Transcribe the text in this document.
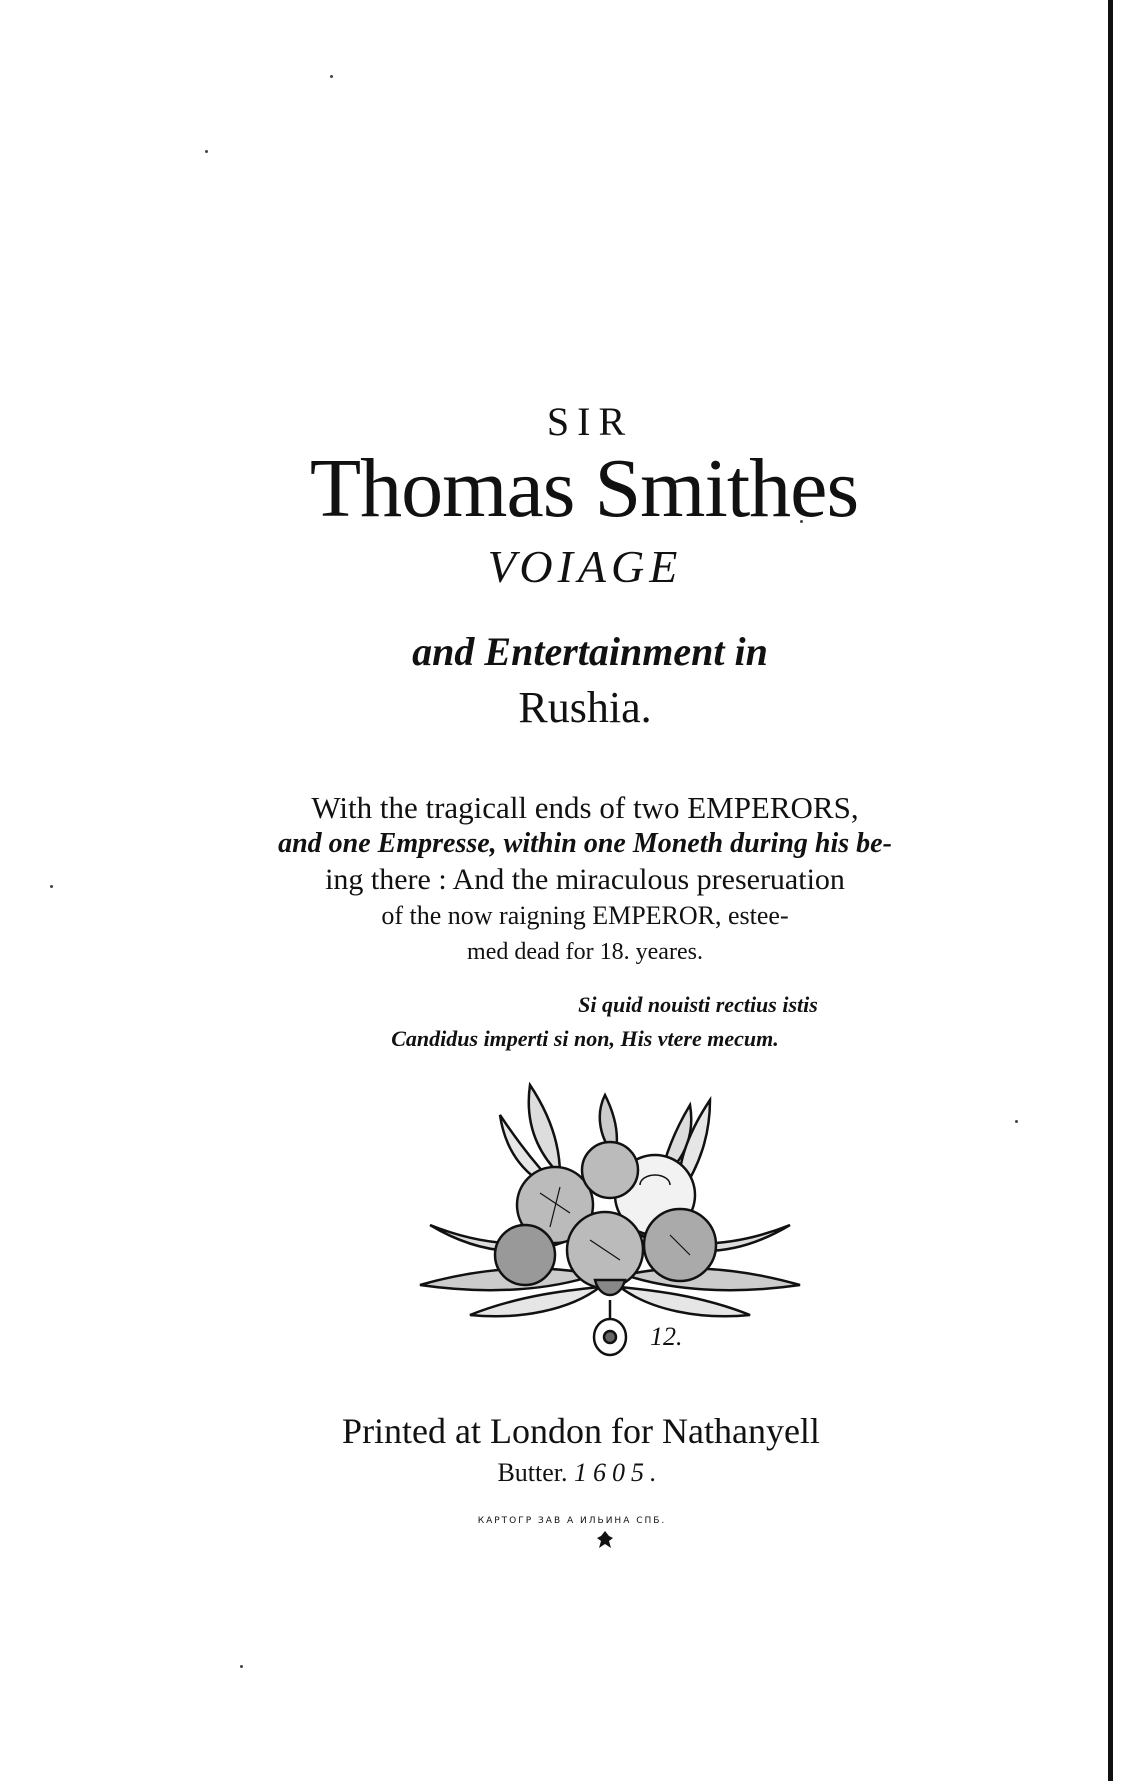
SIR
Thomas Smithes
VOIAGE
and Entertainment in
Rushia.
With the tragicall ends of two EMPERORS,
and one Empresse, within one Moneth during his be-
ing there : And the miraculous preseruation
of the now raigning EMPEROR, estee-
med dead for 18. yeares.
Si quid nouisti rectius istis
Candidus imperti si non, His vtere mecum.
12.
Printed at London for Nathanyell
Butter. 1605.
КАРТОГР ЗАВ А ИЛЬИНА СПБ.
